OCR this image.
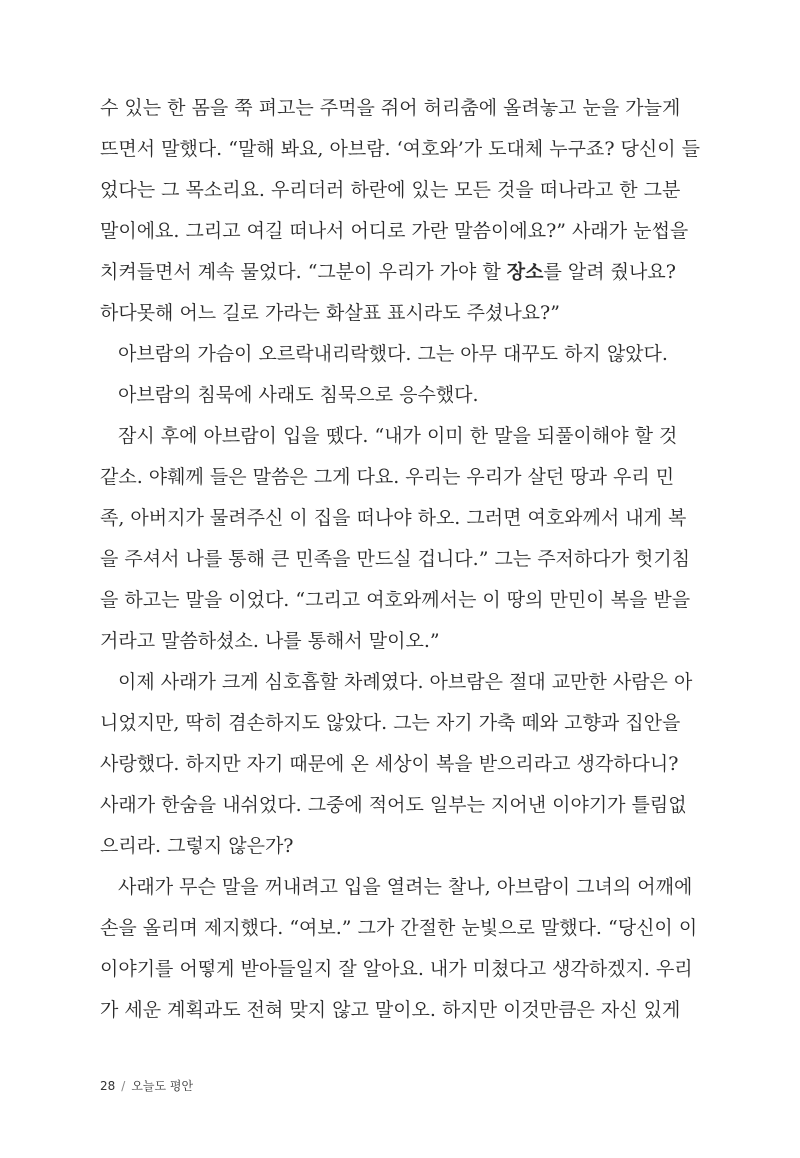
수 있는 한 몸을 쭉 펴고는 주먹을 쥐어 허리춤에 올려놓고 눈을 가늘게
뜨면서 말했다. “말해 봐요, 아브람. ‘여호와’가 도대체 누구죠? 당신이 들
었다는 그 목소리요. 우리더러 하란에 있는 모든 것을 떠나라고 한 그분
말이에요. 그리고 여길 떠나서 어디로 가란 말씀이에요?” 사래가 눈썹을
치켜들면서 계속 물었다. “그분이 우리가 가야 할 장소를 알려 줬나요?
하다못해 어느 길로 가라는 화살표 표시라도 주셨나요?”
아브람의 가슴이 오르락내리락했다. 그는 아무 대꾸도 하지 않았다.
아브람의 침묵에 사래도 침묵으로 응수했다.
잠시 후에 아브람이 입을 뗐다. “내가 이미 한 말을 되풀이해야 할 것
같소. 야훼께 들은 말씀은 그게 다요. 우리는 우리가 살던 땅과 우리 민
족, 아버지가 물려주신 이 집을 떠나야 하오. 그러면 여호와께서 내게 복
을 주셔서 나를 통해 큰 민족을 만드실 겁니다.” 그는 주저하다가 헛기침
을 하고는 말을 이었다. “그리고 여호와께서는 이 땅의 만민이 복을 받을
거라고 말씀하셨소. 나를 통해서 말이오.”
이제 사래가 크게 심호흡할 차례였다. 아브람은 절대 교만한 사람은 아
니었지만, 딱히 겸손하지도 않았다. 그는 자기 가축 떼와 고향과 집안을
사랑했다. 하지만 자기 때문에 온 세상이 복을 받으리라고 생각하다니?
사래가 한숨을 내쉬었다. 그중에 적어도 일부는 지어낸 이야기가 틀림없
으리라. 그렇지 않은가?
사래가 무슨 말을 꺼내려고 입을 열려는 찰나, 아브람이 그녀의 어깨에
손을 올리며 제지했다. “여보.” 그가 간절한 눈빛으로 말했다. “당신이 이
이야기를 어떻게 받아들일지 잘 알아요. 내가 미쳤다고 생각하겠지. 우리
가 세운 계획과도 전혀 맞지 않고 말이오. 하지만 이것만큼은 자신 있게
28 / 오늘도 평안
